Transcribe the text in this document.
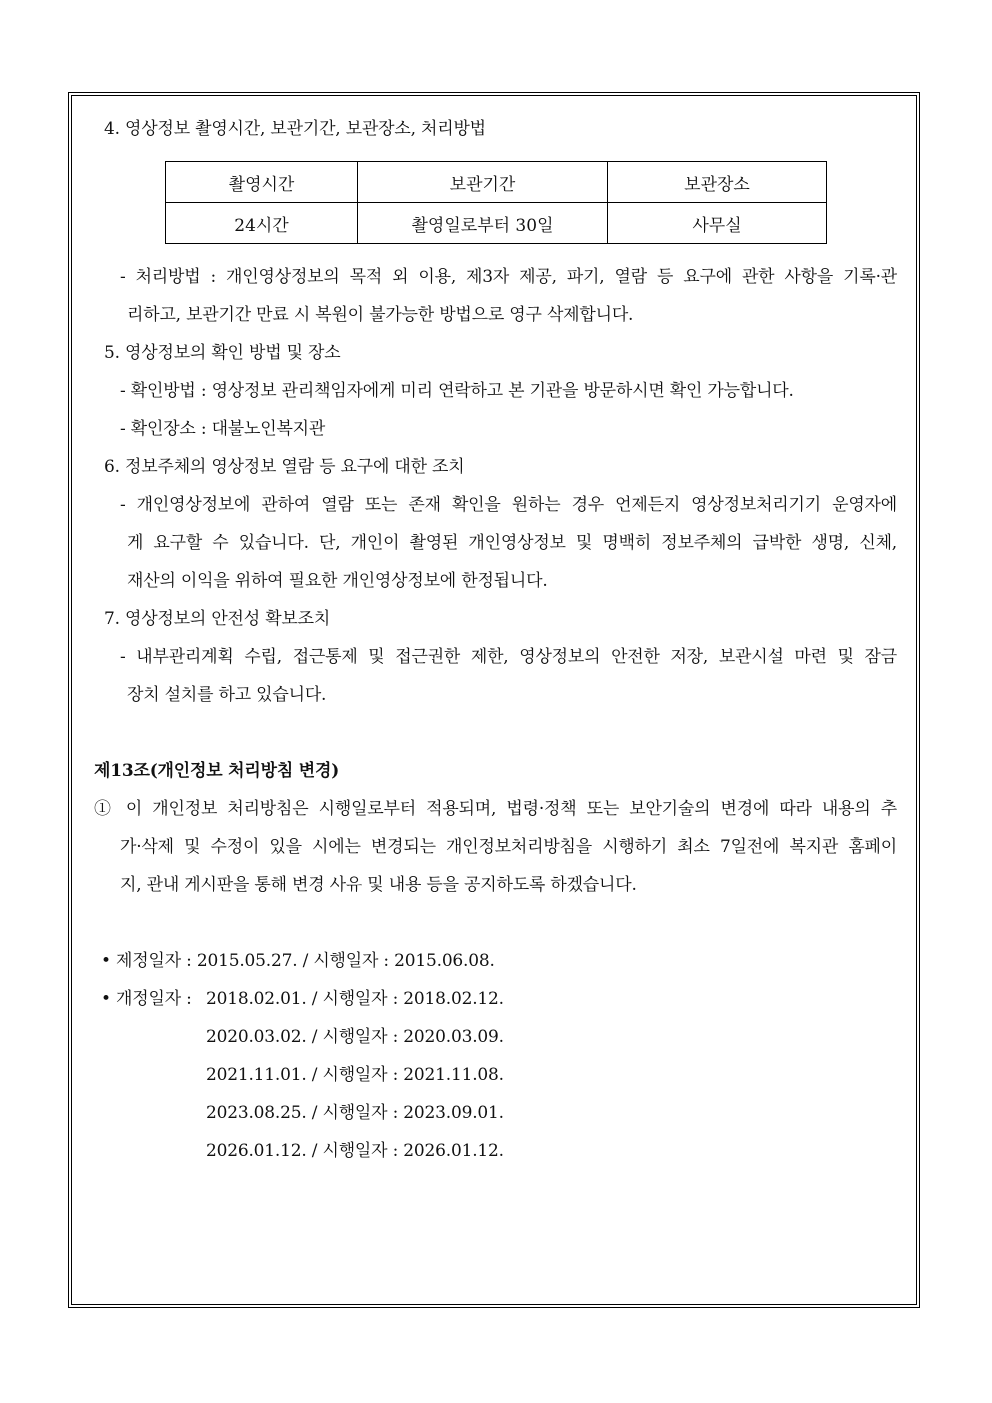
4. 영상정보 촬영시간, 보관기간, 보관장소, 처리방법
촬영시간	보관기간	보관장소
24시간	촬영일로부터 30일	사무실
- 처리방법 : 개인영상정보의 목적 외 이용, 제3자 제공, 파기, 열람 등 요구에 관한 사항을 기록·관
리하고, 보관기간 만료 시 복원이 불가능한 방법으로 영구 삭제합니다.
5. 영상정보의 확인 방법 및 장소
- 확인방법 : 영상정보 관리책임자에게 미리 연락하고 본 기관을 방문하시면 확인 가능합니다.
- 확인장소 : 대불노인복지관
6. 정보주체의 영상정보 열람 등 요구에 대한 조치
- 개인영상정보에 관하여 열람 또는 존재 확인을 원하는 경우 언제든지 영상정보처리기기 운영자에
게 요구할 수 있습니다. 단, 개인이 촬영된 개인영상정보 및 명백히 정보주체의 급박한 생명, 신체,
재산의 이익을 위하여 필요한 개인영상정보에 한정됩니다.
7. 영상정보의 안전성 확보조치
- 내부관리계획 수립, 접근통제 및 접근권한 제한, 영상정보의 안전한 저장, 보관시설 마련 및 잠금
장치 설치를 하고 있습니다.
제13조(개인정보 처리방침 변경)
① 이 개인정보 처리방침은 시행일로부터 적용되며, 법령·정책 또는 보안기술의 변경에 따라 내용의 추
가·삭제 및 수정이 있을 시에는 변경되는 개인정보처리방침을 시행하기 최소 7일전에 복지관 홈페이
지, 관내 게시판을 통해 변경 사유 및 내용 등을 공지하도록 하겠습니다.
• 제정일자 : 2015.05.27. / 시행일자 : 2015.06.08.
• 개정일자 : 2018.02.01. / 시행일자 : 2018.02.12.
2020.03.02. / 시행일자 : 2020.03.09.
2021.11.01. / 시행일자 : 2021.11.08.
2023.08.25. / 시행일자 : 2023.09.01.
2026.01.12. / 시행일자 : 2026.01.12.
